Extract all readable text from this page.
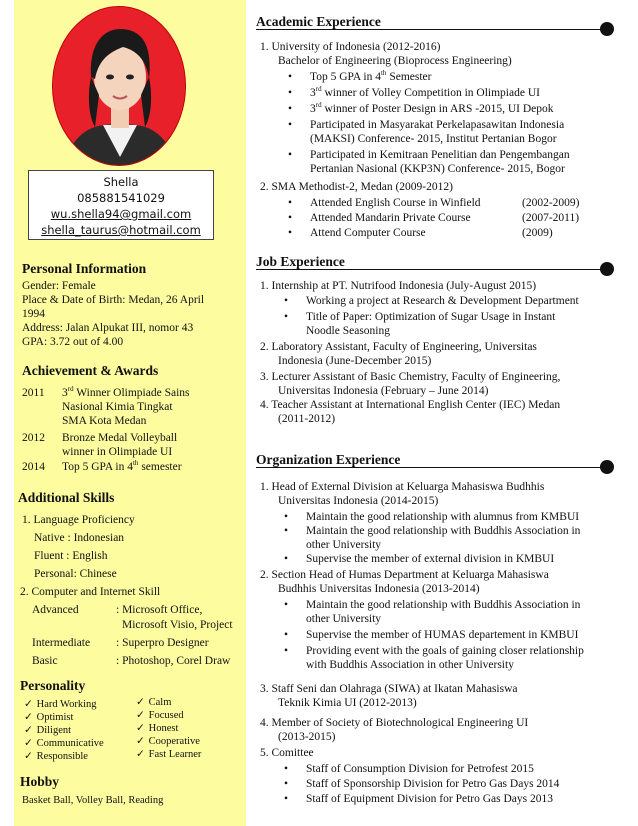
Shella
085881541029
wu.shella94@gmail.com
shella_taurus@hotmail.com
Personal Information
Gender: Female
Place & Date of Birth: Medan, 26 April
1994
Address: Jalan Alpukat III, nomor 43
GPA: 3.72 out of 4.00
Achievement & Awards
2011	3rd Winner Olimpiade Sains
Nasional Kimia Tingkat
SMA Kota Medan
2012	Bronze Medal Volleyball
winner in Olimpiade UI
2014	Top 5 GPA in 4th semester
Additional Skills
1. Language Proficiency
Native : Indonesian
Fluent : English
Personal: Chinese
2. Computer and Internet Skill
Advanced	: Microsoft Office,
Microsoft Visio, Project
Intermediate : Superpro Designer
Basic	: Photoshop, Corel Draw
Personality
✓ Hard Working
✓ Optimist
✓ Diligent
✓ Communicative
✓ Responsible
✓ Calm
✓ Focused
✓ Honest
✓ Cooperative
✓ Fast Learner
Hobby
Basket Ball, Volley Ball, Reading
Academic Experience
1. University of Indonesia (2012-2016)
Bachelor of Engineering (Bioprocess Engineering)
• Top 5 GPA in 4th Semester
• 3rd winner of Volley Competition in Olimpiade UI
• 3rd winner of Poster Design in ARS -2015, UI Depok
• Participated in Masyarakat Perkelapasawitan Indonesia
(MAKSI) Conference- 2015, Institut Pertanian Bogor
• Participated in Kemitraan Penelitian dan Pengembangan
Pertanian Nasional (KKP3N) Conference- 2015, Bogor
2. SMA Methodist-2, Medan (2009-2012)
• Attended English Course in Winfield	(2002-2009)
• Attended Mandarin Private Course	(2007-2011)
• Attend Computer Course	(2009)
Job Experience
1. Internship at PT. Nutrifood Indonesia (July-August 2015)
• Working a project at Research & Development Department
• Title of Paper: Optimization of Sugar Usage in Instant
Noodle Seasoning
2. Laboratory Assistant, Faculty of Engineering, Universitas
Indonesia (June-December 2015)
3. Lecturer Assistant of Basic Chemistry, Faculty of Engineering,
Universitas Indonesia (February – June 2014)
4. Teacher Assistant at International English Center (IEC) Medan
(2011-2012)
Organization Experience
1. Head of External Division at Keluarga Mahasiswa Budhhis
Universitas Indonesia (2014-2015)
• Maintain the good relationship with alumnus from KMBUI
• Maintain the good relationship with Buddhis Association in
other University
• Supervise the member of external division in KMBUI
2. Section Head of Humas Department at Keluarga Mahasiswa
Budhhis Universitas Indonesia (2013-2014)
• Maintain the good relationship with Buddhis Association in
other University
• Supervise the member of HUMAS departement in KMBUI
• Providing event with the goals of gaining closer relationship
with Buddhis Association in other University
3. Staff Seni dan Olahraga (SIWA) at Ikatan Mahasiswa
Teknik Kimia UI (2012-2013)
4. Member of Society of Biotechnological Engineering UI
(2013-2015)
5. Comittee
• Staff of Consumption Division for Petrofest 2015
• Staff of Sponsorship Division for Petro Gas Days 2014
• Staff of Equipment Division for Petro Gas Days 2013
